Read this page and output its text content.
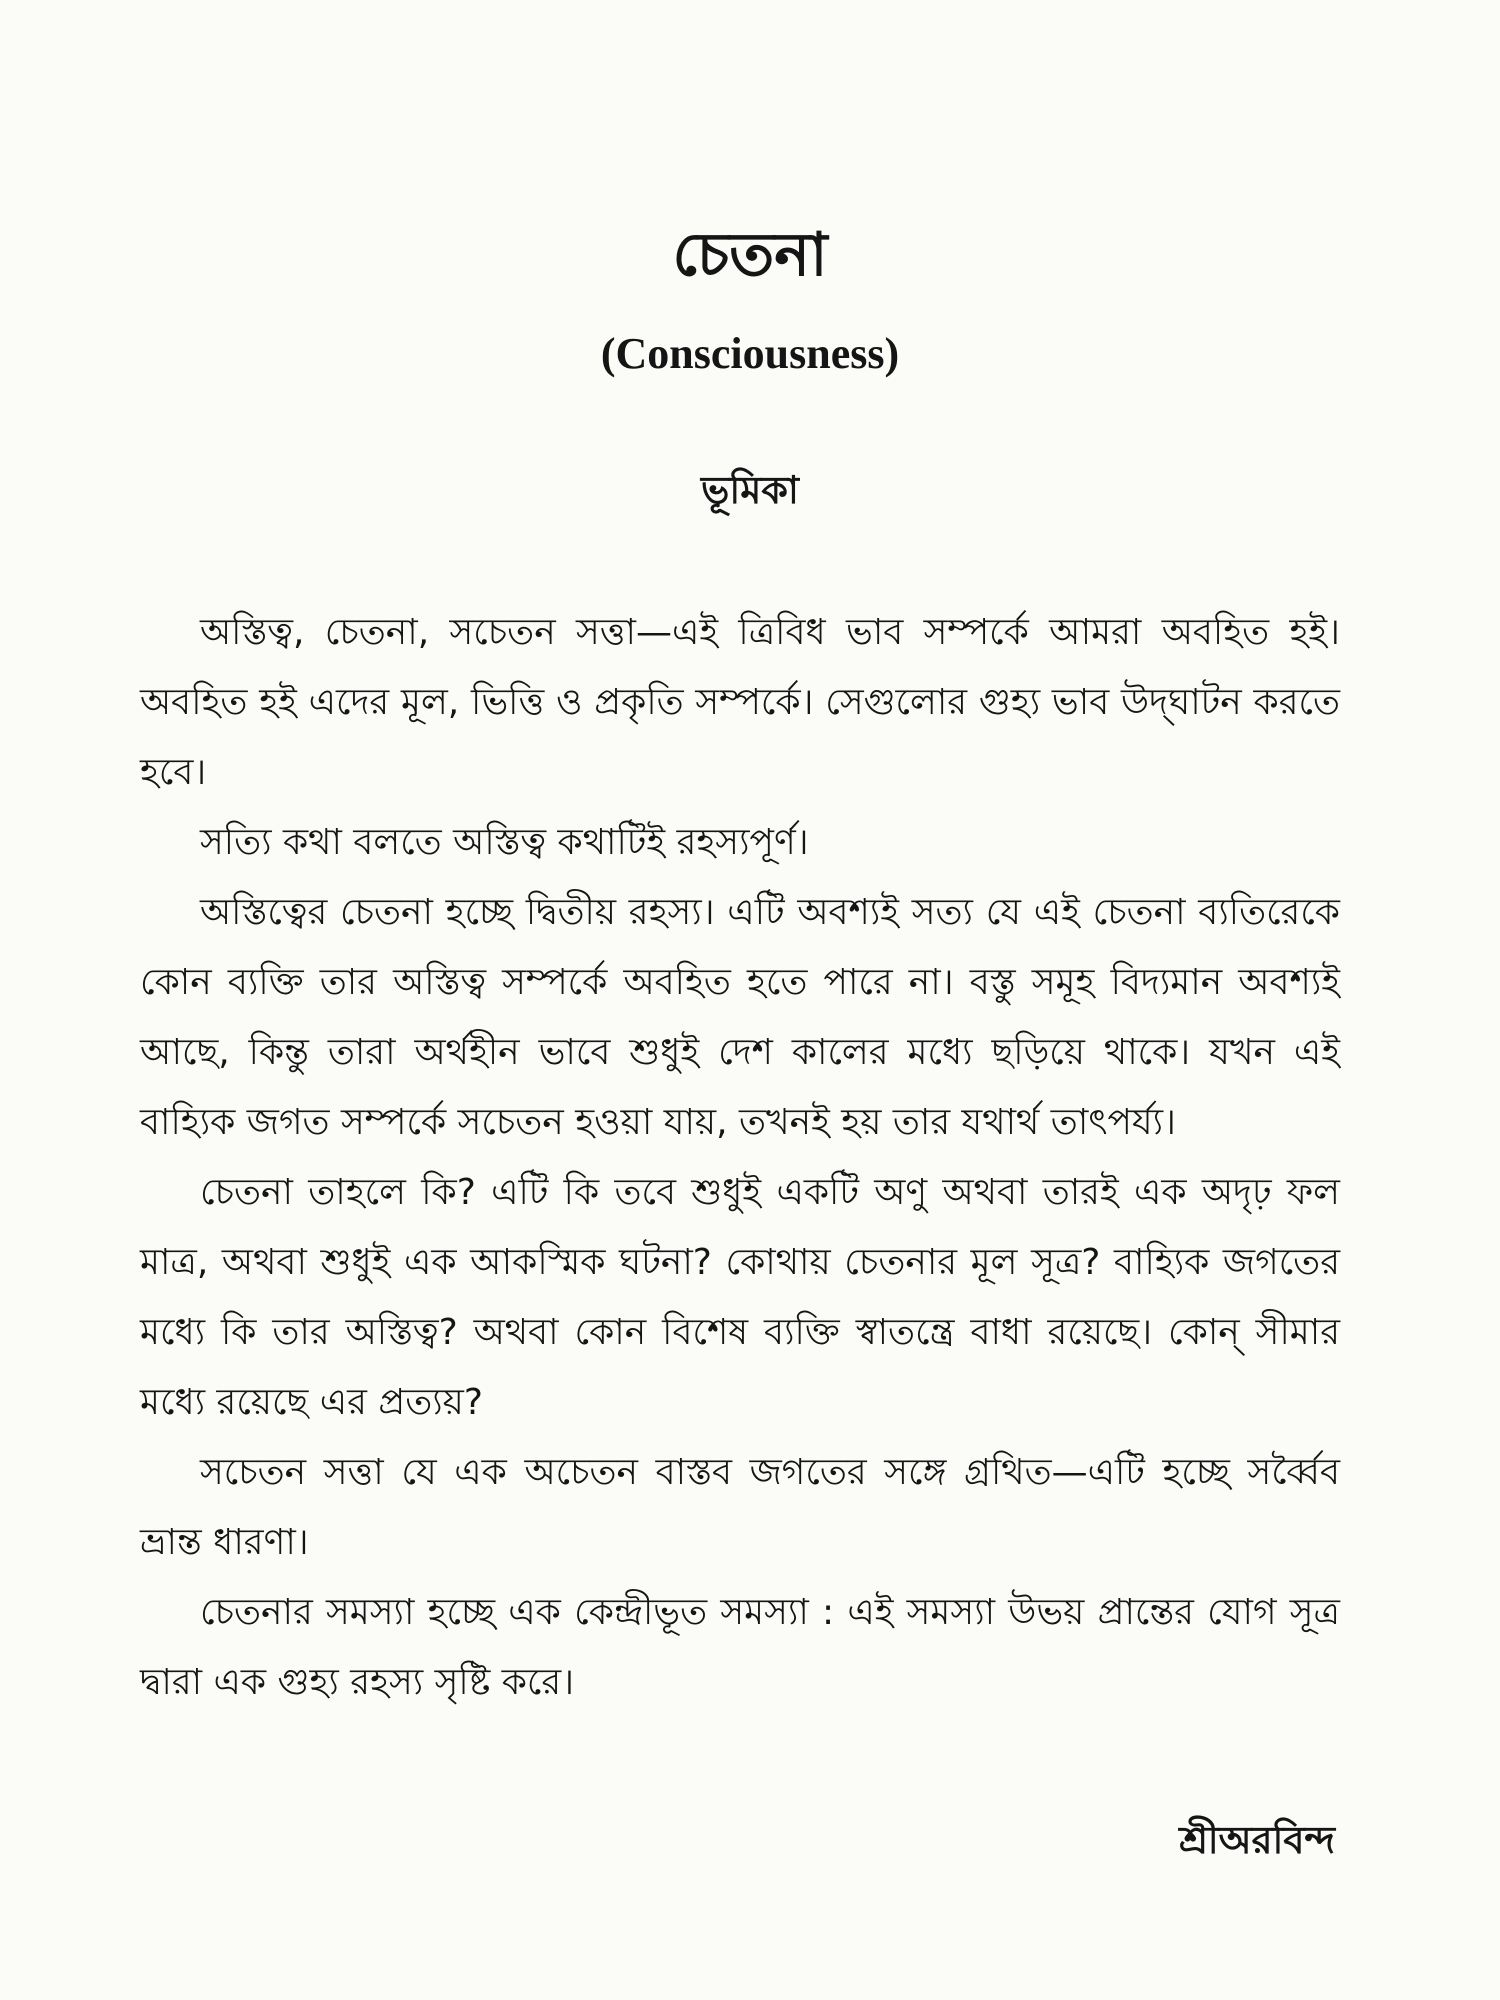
চেতনা
(Consciousness)
ভূমিকা

অস্তিত্ব, চেতনা, সচেতন সত্তা—এই ত্রিবিধ ভাব সম্পর্কে আমরা অবহিত হই। অবহিত হই এদের মূল, ভিত্তি ও প্রকৃতি সম্পর্কে। সেগুলোর গুহ্য ভাব উদ্‌ঘাটন করতে হবে।

সত্যি কথা বলতে অস্তিত্ব কথাটিই রহস্যপূর্ণ।

অস্তিত্বের চেতনা হচ্ছে দ্বিতীয় রহস্য। এটি অবশ্যই সত্য যে এই চেতনা ব্যতিরেকে কোন ব্যক্তি তার অস্তিত্ব সম্পর্কে অবহিত হতে পারে না। বস্তু সমূহ বিদ্যমান অবশ্যই আছে, কিন্তু তারা অর্থহীন ভাবে শুধুই দেশ কালের মধ্যে ছড়িয়ে থাকে। যখন এই বাহ্যিক জগত সম্পর্কে সচেতন হওয়া যায়, তখনই হয় তার যথার্থ তাৎপর্য্য।

চেতনা তাহলে কি? এটি কি তবে শুধুই একটি অণু অথবা তারই এক অদৃঢ় ফল মাত্র, অথবা শুধুই এক আকস্মিক ঘটনা? কোথায় চেতনার মূল সূত্র? বাহ্যিক জগতের মধ্যে কি তার অস্তিত্ব? অথবা কোন বিশেষ ব্যক্তি স্বাতন্ত্রে বাধা রয়েছে। কোন্ সীমার মধ্যে রয়েছে এর প্রত্যয়?

সচেতন সত্তা যে এক অচেতন বাস্তব জগতের সঙ্গে গ্রথিত—এটি হচ্ছে সর্ব্বৈব ভ্রান্ত ধারণা।

চেতনার সমস্যা হচ্ছে এক কেন্দ্রীভূত সমস্যা : এই সমস্যা উভয় প্রান্তের যোগ সূত্র দ্বারা এক গুহ্য রহস্য সৃষ্টি করে।

শ্রীঅরবিন্দ
